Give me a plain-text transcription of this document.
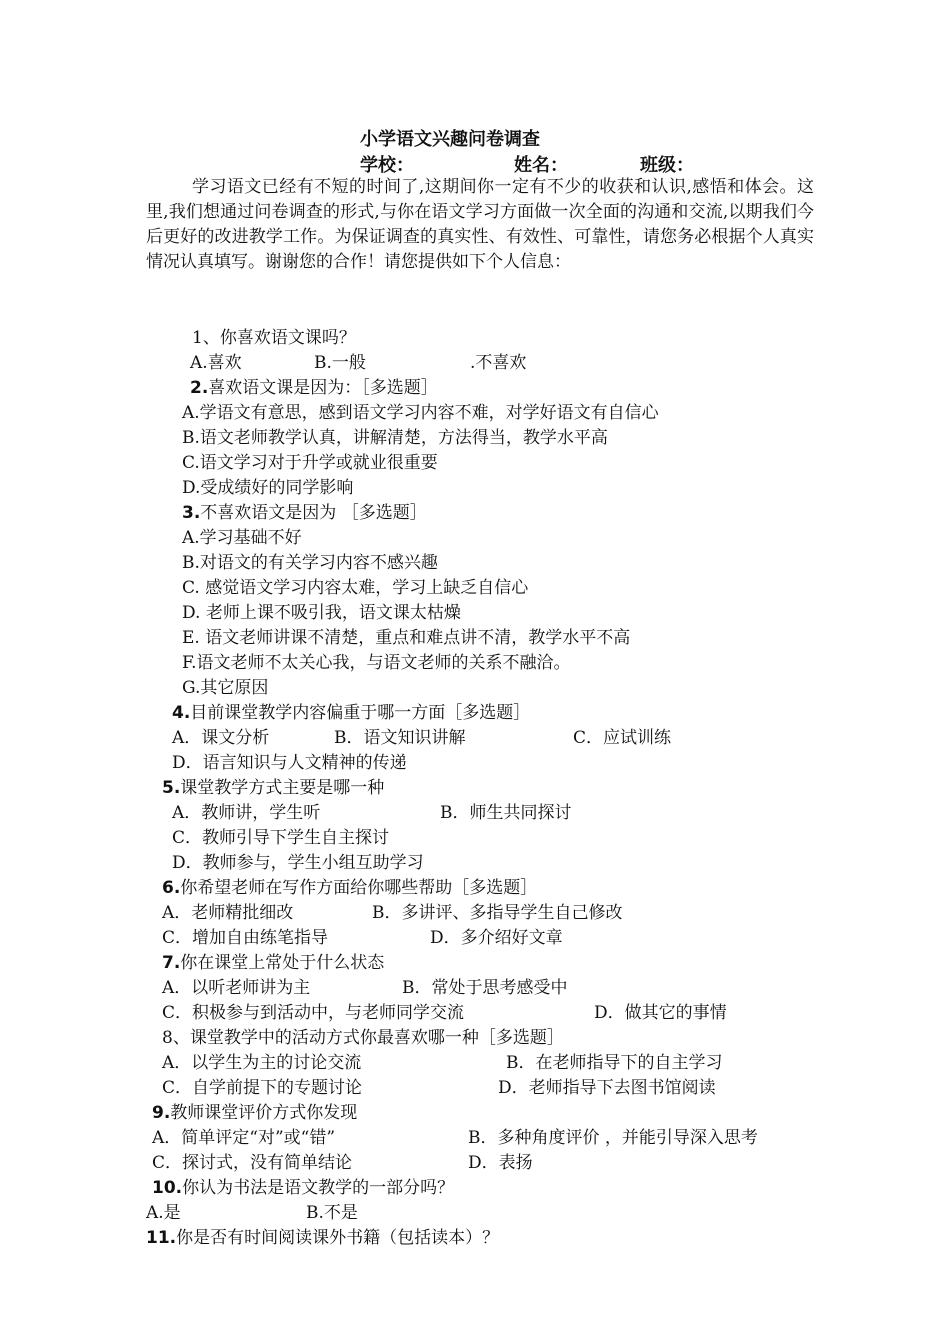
小学语文兴趣问卷调查
学校：	姓名：	班级：
学习语文已经有不短的时间了,这期间你一定有不少的收获和认识,感悟和体会。这里,我们想通过问卷调查的形式,与你在语文学习方面做一次全面的沟通和交流,以期我们今后更好的改进教学工作。为保证调查的真实性、有效性、可靠性，请您务必根据个人真实情况认真填写。谢谢您的合作！请您提供如下个人信息：
1、你喜欢语文课吗？
A.喜欢	B.一般	.不喜欢
2.喜欢语文课是因为：［多选题］
A.学语文有意思，感到语文学习内容不难，对学好语文有自信心
B.语文老师教学认真，讲解清楚，方法得当，教学水平高
C.语文学习对于升学或就业很重要
D.受成绩好的同学影响
3.不喜欢语文是因为 ［多选题］
A.学习基础不好
B.对语文的有关学习内容不感兴趣
C. 感觉语文学习内容太难，学习上缺乏自信心
D. 老师上课不吸引我，语文课太枯燥
E. 语文老师讲课不清楚，重点和难点讲不清，教学水平不高
F.语文老师不太关心我，与语文老师的关系不融洽。
G.其它原因
4.目前课堂教学内容偏重于哪一方面［多选题］
A．课文分析	B．语文知识讲解	C．应试训练
D．语言知识与人文精神的传递
5.课堂教学方式主要是哪一种
A．教师讲，学生听	B．师生共同探讨
C．教师引导下学生自主探讨
D．教师参与，学生小组互助学习
6.你希望老师在写作方面给你哪些帮助［多选题］
A．老师精批细改	B．多讲评、多指导学生自己修改
C．增加自由练笔指导	D．多介绍好文章
7.你在课堂上常处于什么状态
A．以听老师讲为主	B．常处于思考感受中
C．积极参与到活动中，与老师同学交流	D．做其它的事情
8、课堂教学中的活动方式你最喜欢哪一种［多选题］
A．以学生为主的讨论交流	B．在老师指导下的自主学习
C．自学前提下的专题讨论	D．老师指导下去图书馆阅读
9.教师课堂评价方式你发现
A．简单评定“对”或“错”	B．多种角度评价 ，并能引导深入思考
C．探讨式，没有简单结论	D．表扬
10.你认为书法是语文教学的一部分吗？
A.是	B.不是
11.你是否有时间阅读课外书籍（包括读本）？
